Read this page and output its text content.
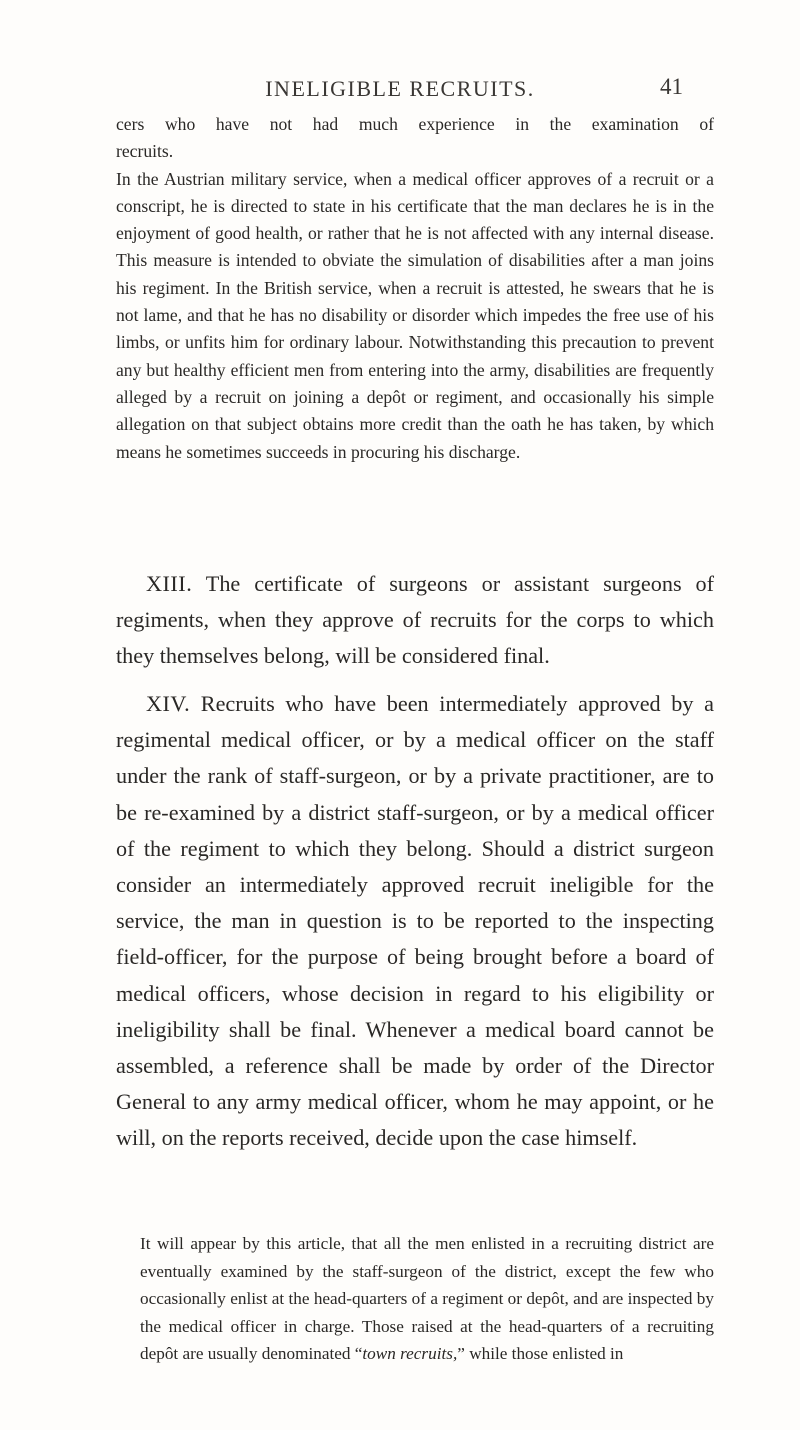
INELIGIBLE RECRUITS.	41

cers who have not had much experience in the examination of

recruits.

In the Austrian military service, when a medical officer approves of a recruit or a conscript, he is directed to state in his certificate that the man declares he is in the enjoyment of good health, or rather that he is not affected with any internal disease. This measure is intended to obviate the simulation of disabilities after a man joins his regiment. In the British service, when a recruit is attested, he swears that he is not lame, and that he has no disability or disorder which impedes the free use of his limbs, or unfits him for ordinary labour. Notwithstanding this precaution to prevent any but healthy efficient men from entering into the army, disabilities are frequently alleged by a recruit on joining a depôt or regiment, and occasionally his simple allegation on that subject obtains more credit than the oath he has taken, by which means he sometimes succeeds in procuring his discharge.

XIII. The certificate of surgeons or assistant surgeons of regiments, when they approve of recruits for the corps to which they themselves belong, will be considered final.

XIV. Recruits who have been intermediately approved by a regimental medical officer, or by a medical officer on the staff under the rank of staff-surgeon, or by a private practitioner, are to be re-examined by a district staff-surgeon, or by a medical officer of the regiment to which they belong. Should a district surgeon consider an intermediately approved recruit ineligible for the service, the man in question is to be reported to the inspecting field-officer, for the purpose of being brought before a board of medical officers, whose decision in regard to his eligibility or ineligibility shall be final. Whenever a medical board cannot be assembled, a reference shall be made by order of the Director General to any army medical officer, whom he may appoint, or he will, on the reports received, decide upon the case himself.

It will appear by this article, that all the men enlisted in a recruiting district are eventually examined by the staff-surgeon of the district, except the few who occasionally enlist at the head-quarters of a regiment or depôt, and are inspected by the medical officer in charge. Those raised at the head-quarters of a recruiting depôt are usually denominated “town recruits,” while those enlisted in
